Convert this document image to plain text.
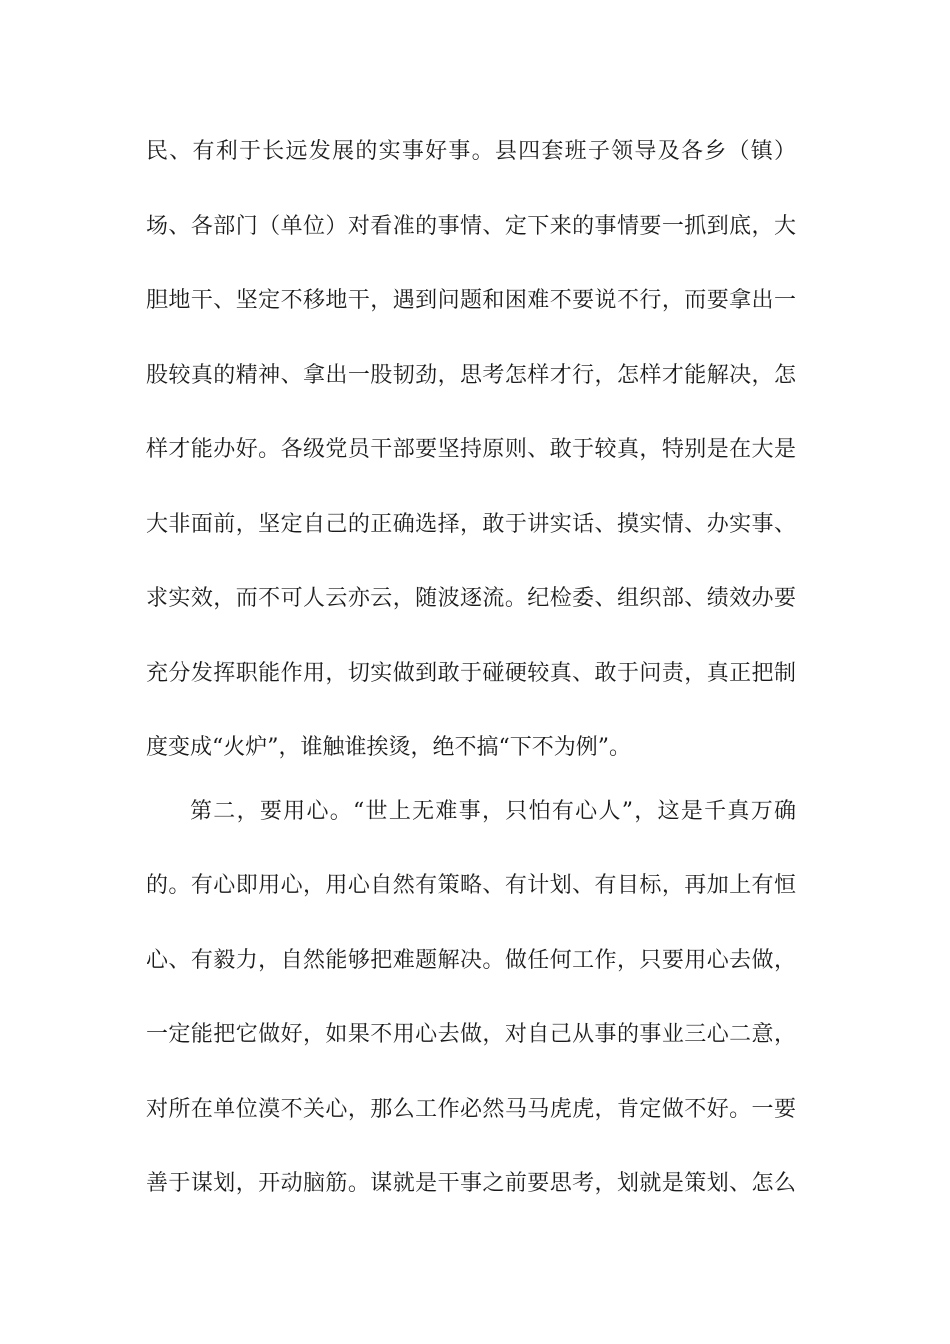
民、有利于长远发展的实事好事。县四套班子领导及各乡（镇）
场、各部门（单位）对看准的事情、定下来的事情要一抓到底，大
胆地干、坚定不移地干，遇到问题和困难不要说不行，而要拿出一
股较真的精神、拿出一股韧劲，思考怎样才行，怎样才能解决，怎
样才能办好。各级党员干部要坚持原则、敢于较真，特别是在大是
大非面前，坚定自己的正确选择，敢于讲实话、摸实情、办实事、
求实效，而不可人云亦云，随波逐流。纪检委、组织部、绩效办要
充分发挥职能作用，切实做到敢于碰硬较真、敢于问责，真正把制
度变成“火炉”，谁触谁挨烫，绝不搞“下不为例”。
第二，要用心。“世上无难事，只怕有心人”，这是千真万确
的。有心即用心，用心自然有策略、有计划、有目标，再加上有恒
心、有毅力，自然能够把难题解决。做任何工作，只要用心去做，
一定能把它做好，如果不用心去做，对自己从事的事业三心二意，
对所在单位漠不关心，那么工作必然马马虎虎，肯定做不好。一要
善于谋划，开动脑筋。谋就是干事之前要思考，划就是策划、怎么
